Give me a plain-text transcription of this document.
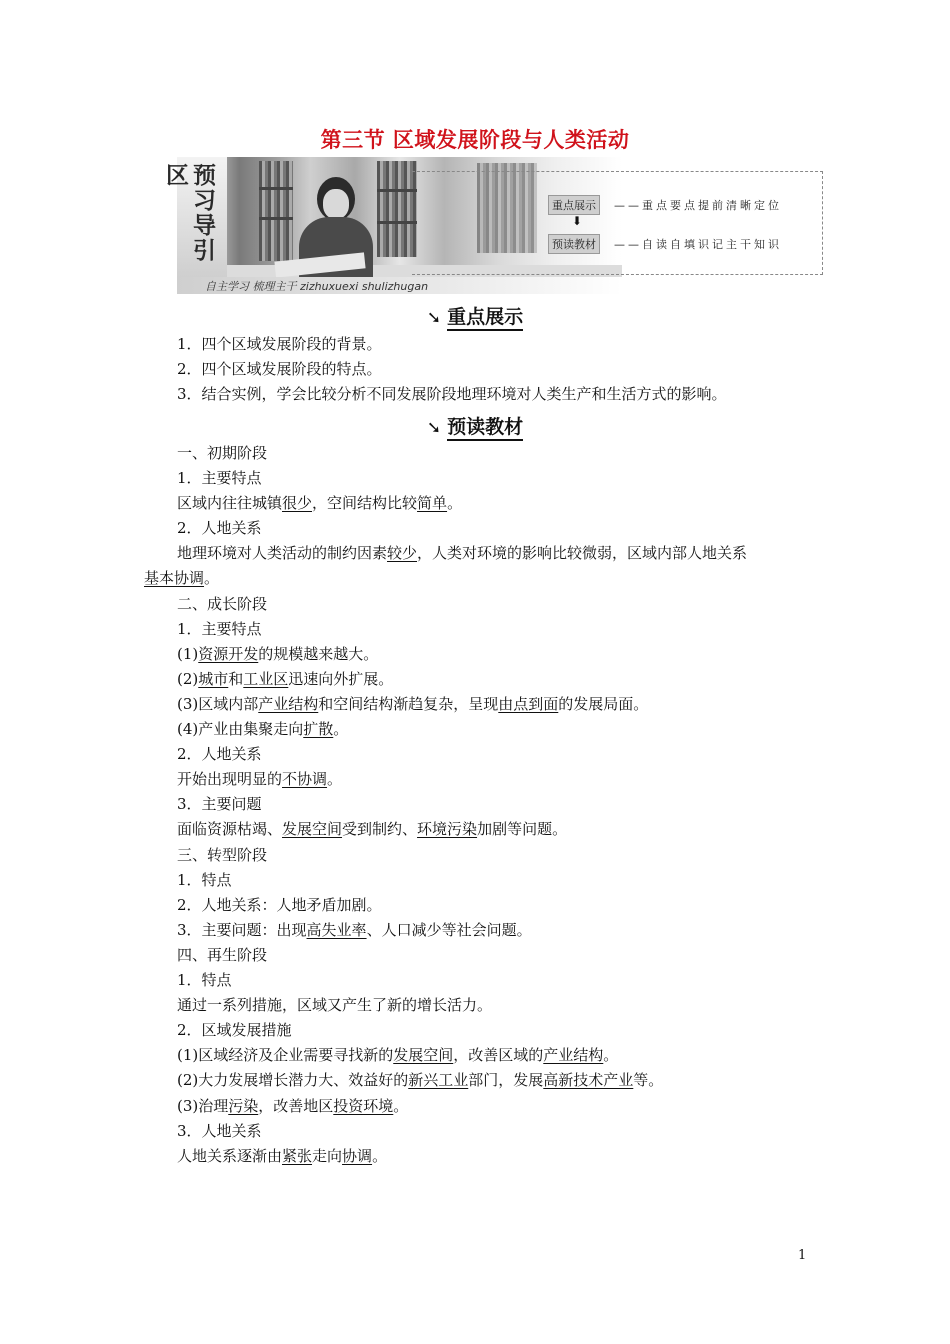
第三节 区域发展阶段与人类活动
预习导引区
自主学习 梳理主干 zizhuxuexi shulizhugan
重点展示	——重点要点提前清晰定位
⬇
预读教材	——自读自填识记主干知识
➘ 重点展示
➘ 预读教材
1．四个区域发展阶段的背景。
2．四个区域发展阶段的特点。
3．结合实例，学会比较分析不同发展阶段地理环境对人类生产和生活方式的影响。
一、初期阶段
1．主要特点
区域内往往城镇很少，空间结构比较简单。
2．人地关系
地理环境对人类活动的制约因素较少，人类对环境的影响比较微弱，区域内部人地关系
基本协调。
二、成长阶段
1．主要特点
(1)资源开发的规模越来越大。
(2)城市和工业区迅速向外扩展。
(3)区域内部产业结构和空间结构渐趋复杂，呈现由点到面的发展局面。
(4)产业由集聚走向扩散。
2．人地关系
开始出现明显的不协调。
3．主要问题
面临资源枯竭、发展空间受到制约、环境污染加剧等问题。
三、转型阶段
1．特点
2．人地关系：人地矛盾加剧。
3．主要问题：出现高失业率、人口减少等社会问题。
四、再生阶段
1．特点
通过一系列措施，区域又产生了新的增长活力。
2．区域发展措施
(1)区域经济及企业需要寻找新的发展空间，改善区域的产业结构。
(2)大力发展增长潜力大、效益好的新兴工业部门，发展高新技术产业等。
(3)治理污染，改善地区投资环境。
3．人地关系
人地关系逐渐由紧张走向协调。
1
